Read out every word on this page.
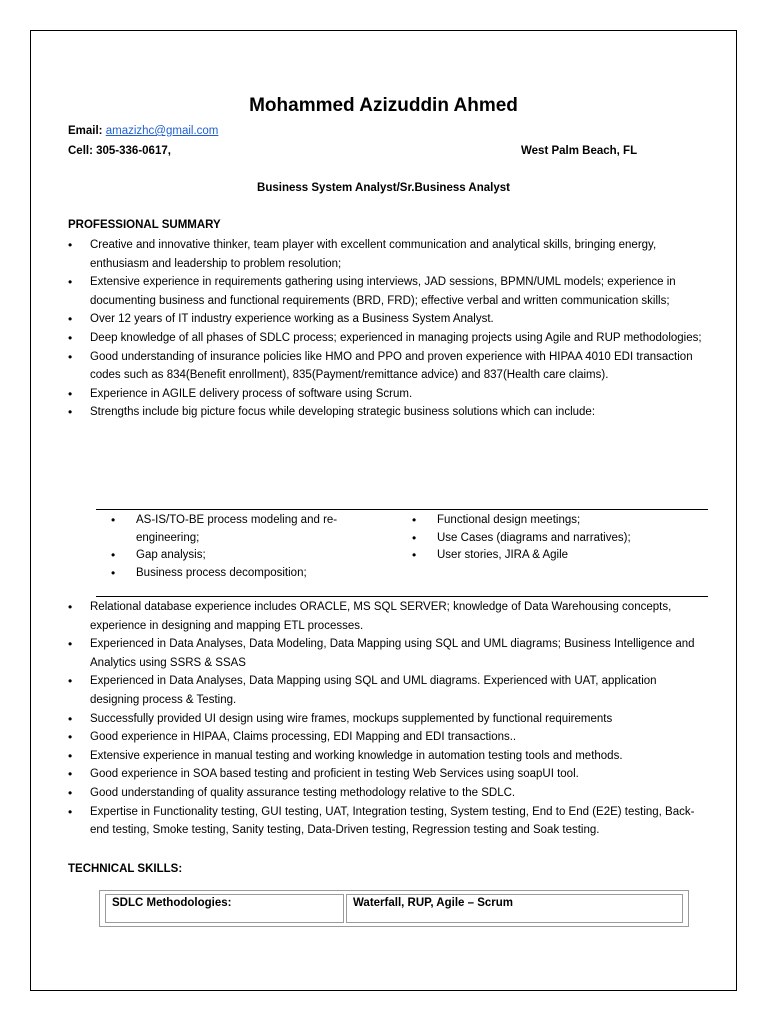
Mohammed Azizuddin Ahmed
Email: amazizhc@gmail.com
Cell: 305-336-0617,	West Palm Beach, FL
Business System Analyst/Sr.Business Analyst
PROFESSIONAL SUMMARY
• Creative and innovative thinker, team player with excellent communication and analytical skills, bringing energy, enthusiasm and leadership to problem resolution;
• Extensive experience in requirements gathering using interviews, JAD sessions, BPMN/UML models; experience in documenting business and functional requirements (BRD, FRD); effective verbal and written communication skills;
• Over 12 years of IT industry experience working as a Business System Analyst.
• Deep knowledge of all phases of SDLC process; experienced in managing projects using Agile and RUP methodologies;
• Good understanding of insurance policies like HMO and PPO and proven experience with HIPAA 4010 EDI transaction codes such as 834(Benefit enrollment), 835(Payment/remittance advice) and 837(Health care claims).
• Experience in AGILE delivery process of software using Scrum.
• Strengths include big picture focus while developing strategic business solutions which can include:
• AS-IS/TO-BE process modeling and re-engineering;
• Gap analysis;
• Business process decomposition;
• Functional design meetings;
• Use Cases (diagrams and narratives);
• User stories, JIRA & Agile
• Relational database experience includes ORACLE, MS SQL SERVER; knowledge of Data Warehousing concepts, experience in designing and mapping ETL processes.
• Experienced in Data Analyses, Data Modeling, Data Mapping using SQL and UML diagrams; Business Intelligence and Analytics using SSRS & SSAS
• Experienced in Data Analyses, Data Mapping using SQL and UML diagrams. Experienced with UAT, application designing process & Testing.
• Successfully provided UI design using wire frames, mockups supplemented by functional requirements
• Good experience in HIPAA, Claims processing, EDI Mapping and EDI transactions..
• Extensive experience in manual testing and working knowledge in automation testing tools and methods.
• Good experience in SOA based testing and proficient in testing Web Services using soapUI tool.
• Good understanding of quality assurance testing methodology relative to the SDLC.
• Expertise in Functionality testing, GUI testing, UAT, Integration testing, System testing, End to End (E2E) testing, Back-end testing, Smoke testing, Sanity testing, Data-Driven testing, Regression testing and Soak testing.
TECHNICAL SKILLS:
SDLC Methodologies:	Waterfall, RUP, Agile – Scrum
